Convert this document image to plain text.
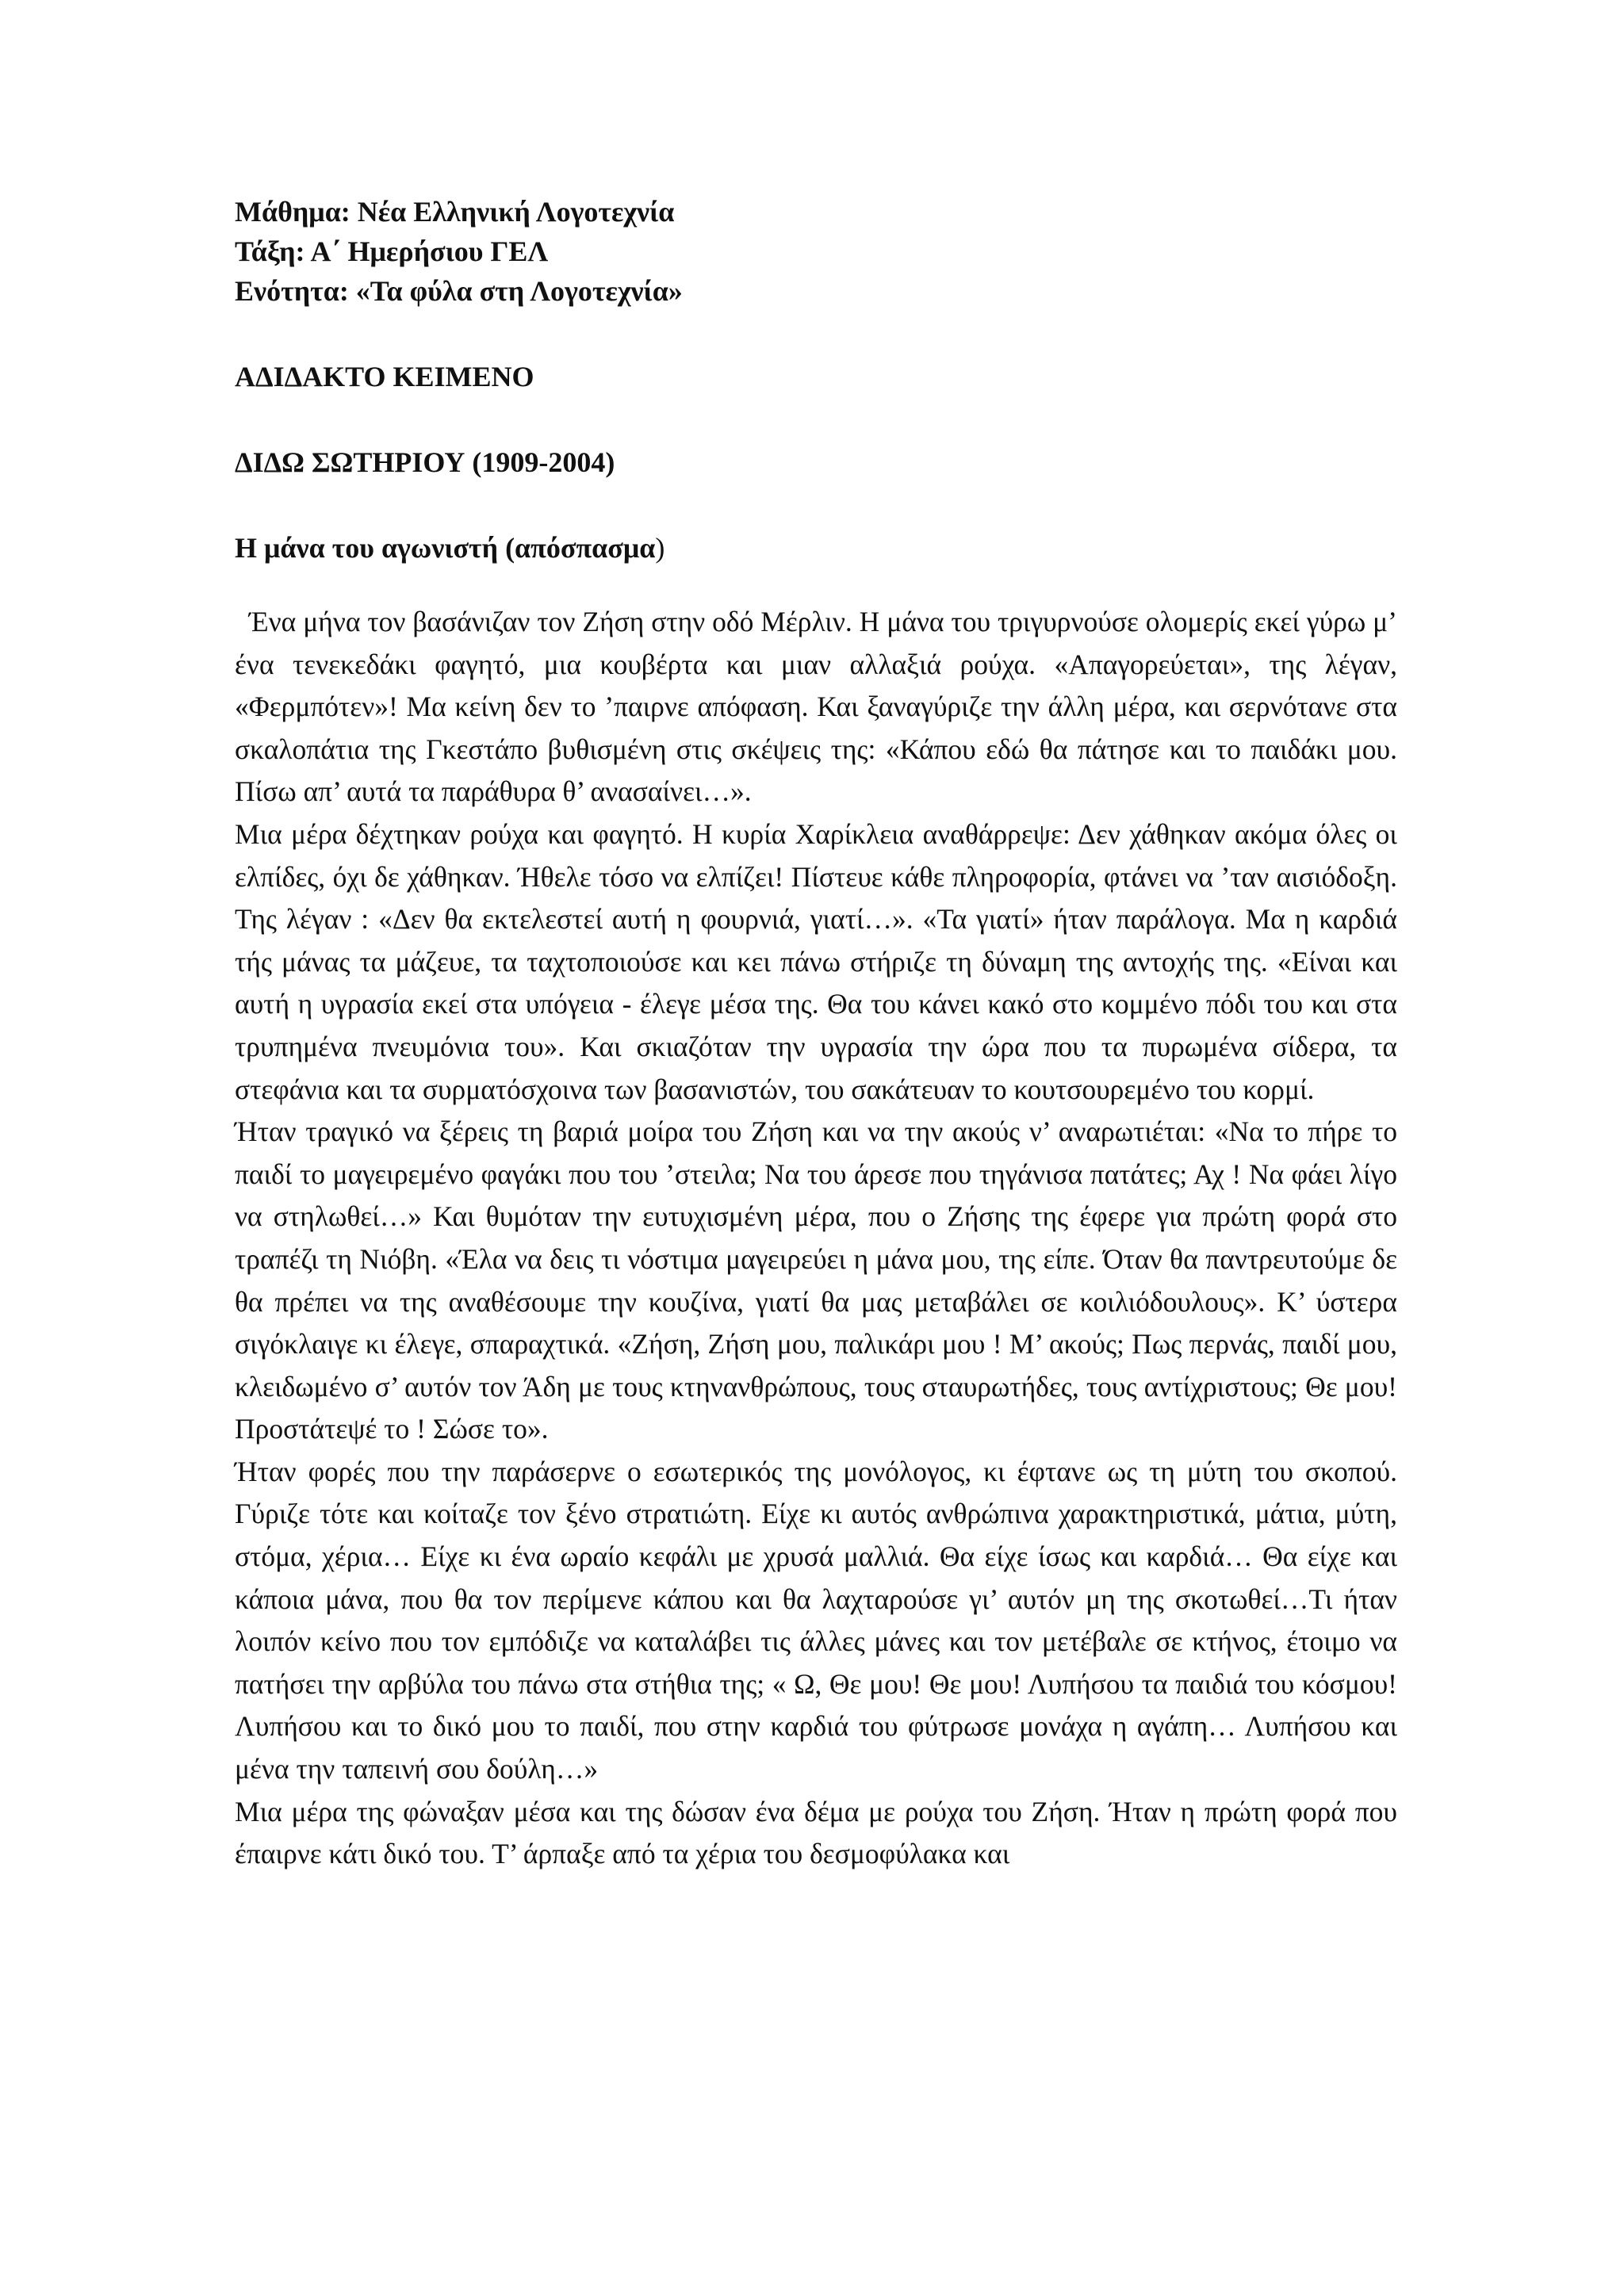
Μάθημα: Νέα Ελληνική Λογοτεχνία

Τάξη: Α΄ Ημερήσιου ΓΕΛ

Ενότητα: «Τα φύλα στη Λογοτεχνία»

ΑΔΙΔΑΚΤΟ ΚΕΙΜΕΝΟ

ΔΙΔΩ ΣΩΤΗΡΙΟΥ (1909-2004)

Η μάνα του αγωνιστή (απόσπασμα)

Ένα μήνα τον βασάνιζαν τον Ζήση στην οδό Μέρλιν. Η μάνα του τριγυρνούσε ολομερίς εκεί γύρω μ’ ένα τενεκεδάκι φαγητό, μια κουβέρτα και μιαν αλλαξιά ρούχα. «Απαγορεύεται», της λέγαν, «Φερμπότεν»! Μα κείνη δεν το ’παιρνε απόφαση. Και ξαναγύριζε την άλλη μέρα, και σερνότανε στα σκαλοπάτια της Γκεστάπο βυθισμένη στις σκέψεις της: «Κάπου εδώ θα πάτησε και το παιδάκι μου. Πίσω απ’ αυτά τα παράθυρα θ’ ανασαίνει…».

Μια μέρα δέχτηκαν ρούχα και φαγητό. Η κυρία Χαρίκλεια αναθάρρεψε: Δεν χάθηκαν ακόμα όλες οι ελπίδες, όχι δε χάθηκαν. Ήθελε τόσο να ελπίζει! Πίστευε κάθε πληροφορία, φτάνει να ’ταν αισιόδοξη. Της λέγαν : «Δεν θα εκτελεστεί αυτή η φουρνιά, γιατί…». «Τα γιατί» ήταν παράλογα. Μα η καρδιά τής μάνας τα μάζευε, τα ταχτοποιούσε και κει πάνω στήριζε τη δύναμη της αντοχής της. «Είναι και αυτή η υγρασία εκεί στα υπόγεια - έλεγε μέσα της. Θα του κάνει κακό στο κομμένο πόδι του και στα τρυπημένα πνευμόνια του». Και σκιαζόταν την υγρασία την ώρα που τα πυρωμένα σίδερα, τα στεφάνια και τα συρματόσχοινα των βασανιστών, του σακάτευαν το κουτσουρεμένο του κορμί.

Ήταν τραγικό να ξέρεις τη βαριά μοίρα του Ζήση και να την ακούς ν’ αναρωτιέται: «Να το πήρε το παιδί το μαγειρεμένο φαγάκι που του ’στειλα; Να του άρεσε που τηγάνισα πατάτες; Αχ ! Να φάει λίγο να στηλωθεί…» Και θυμόταν την ευτυχισμένη μέρα, που ο Ζήσης της έφερε για πρώτη φορά στο τραπέζι τη Νιόβη. «Έλα να δεις τι νόστιμα μαγειρεύει η μάνα μου, της είπε. Όταν θα παντρευτούμε δε θα πρέπει να της αναθέσουμε την κουζίνα, γιατί θα μας μεταβάλει σε κοιλιόδουλους». Κ’ ύστερα σιγόκλαιγε κι έλεγε, σπαραχτικά. «Ζήση, Ζήση μου, παλικάρι μου ! Μ’ ακούς; Πως περνάς, παιδί μου, κλειδωμένο σ’ αυτόν τον Άδη με τους κτηνανθρώπους, τους σταυρωτήδες, τους αντίχριστους; Θε μου! Προστάτεψέ το ! Σώσε το».

Ήταν φορές που την παράσερνε ο εσωτερικός της μονόλογος, κι έφτανε ως τη μύτη του σκοπού. Γύριζε τότε και κοίταζε τον ξένο στρατιώτη. Είχε κι αυτός ανθρώπινα χαρακτηριστικά, μάτια, μύτη, στόμα, χέρια… Είχε κι ένα ωραίο κεφάλι με χρυσά μαλλιά. Θα είχε ίσως και καρδιά… Θα είχε και κάποια μάνα, που θα τον περίμενε κάπου και θα λαχταρούσε γι’ αυτόν μη της σκοτωθεί…Τι ήταν λοιπόν κείνο που τον εμπόδιζε να καταλάβει τις άλλες μάνες και τον μετέβαλε σε κτήνος, έτοιμο να πατήσει την αρβύλα του πάνω στα στήθια της; « Ω, Θε μου! Θε μου! Λυπήσου τα παιδιά του κόσμου! Λυπήσου και το δικό μου το παιδί, που στην καρδιά του φύτρωσε μονάχα η αγάπη… Λυπήσου και μένα την ταπεινή σου δούλη…»

Μια μέρα της φώναξαν μέσα και της δώσαν ένα δέμα με ρούχα του Ζήση. Ήταν η πρώτη φορά που έπαιρνε κάτι δικό του. Τ’ άρπαξε από τα χέρια του δεσμοφύλακα και
